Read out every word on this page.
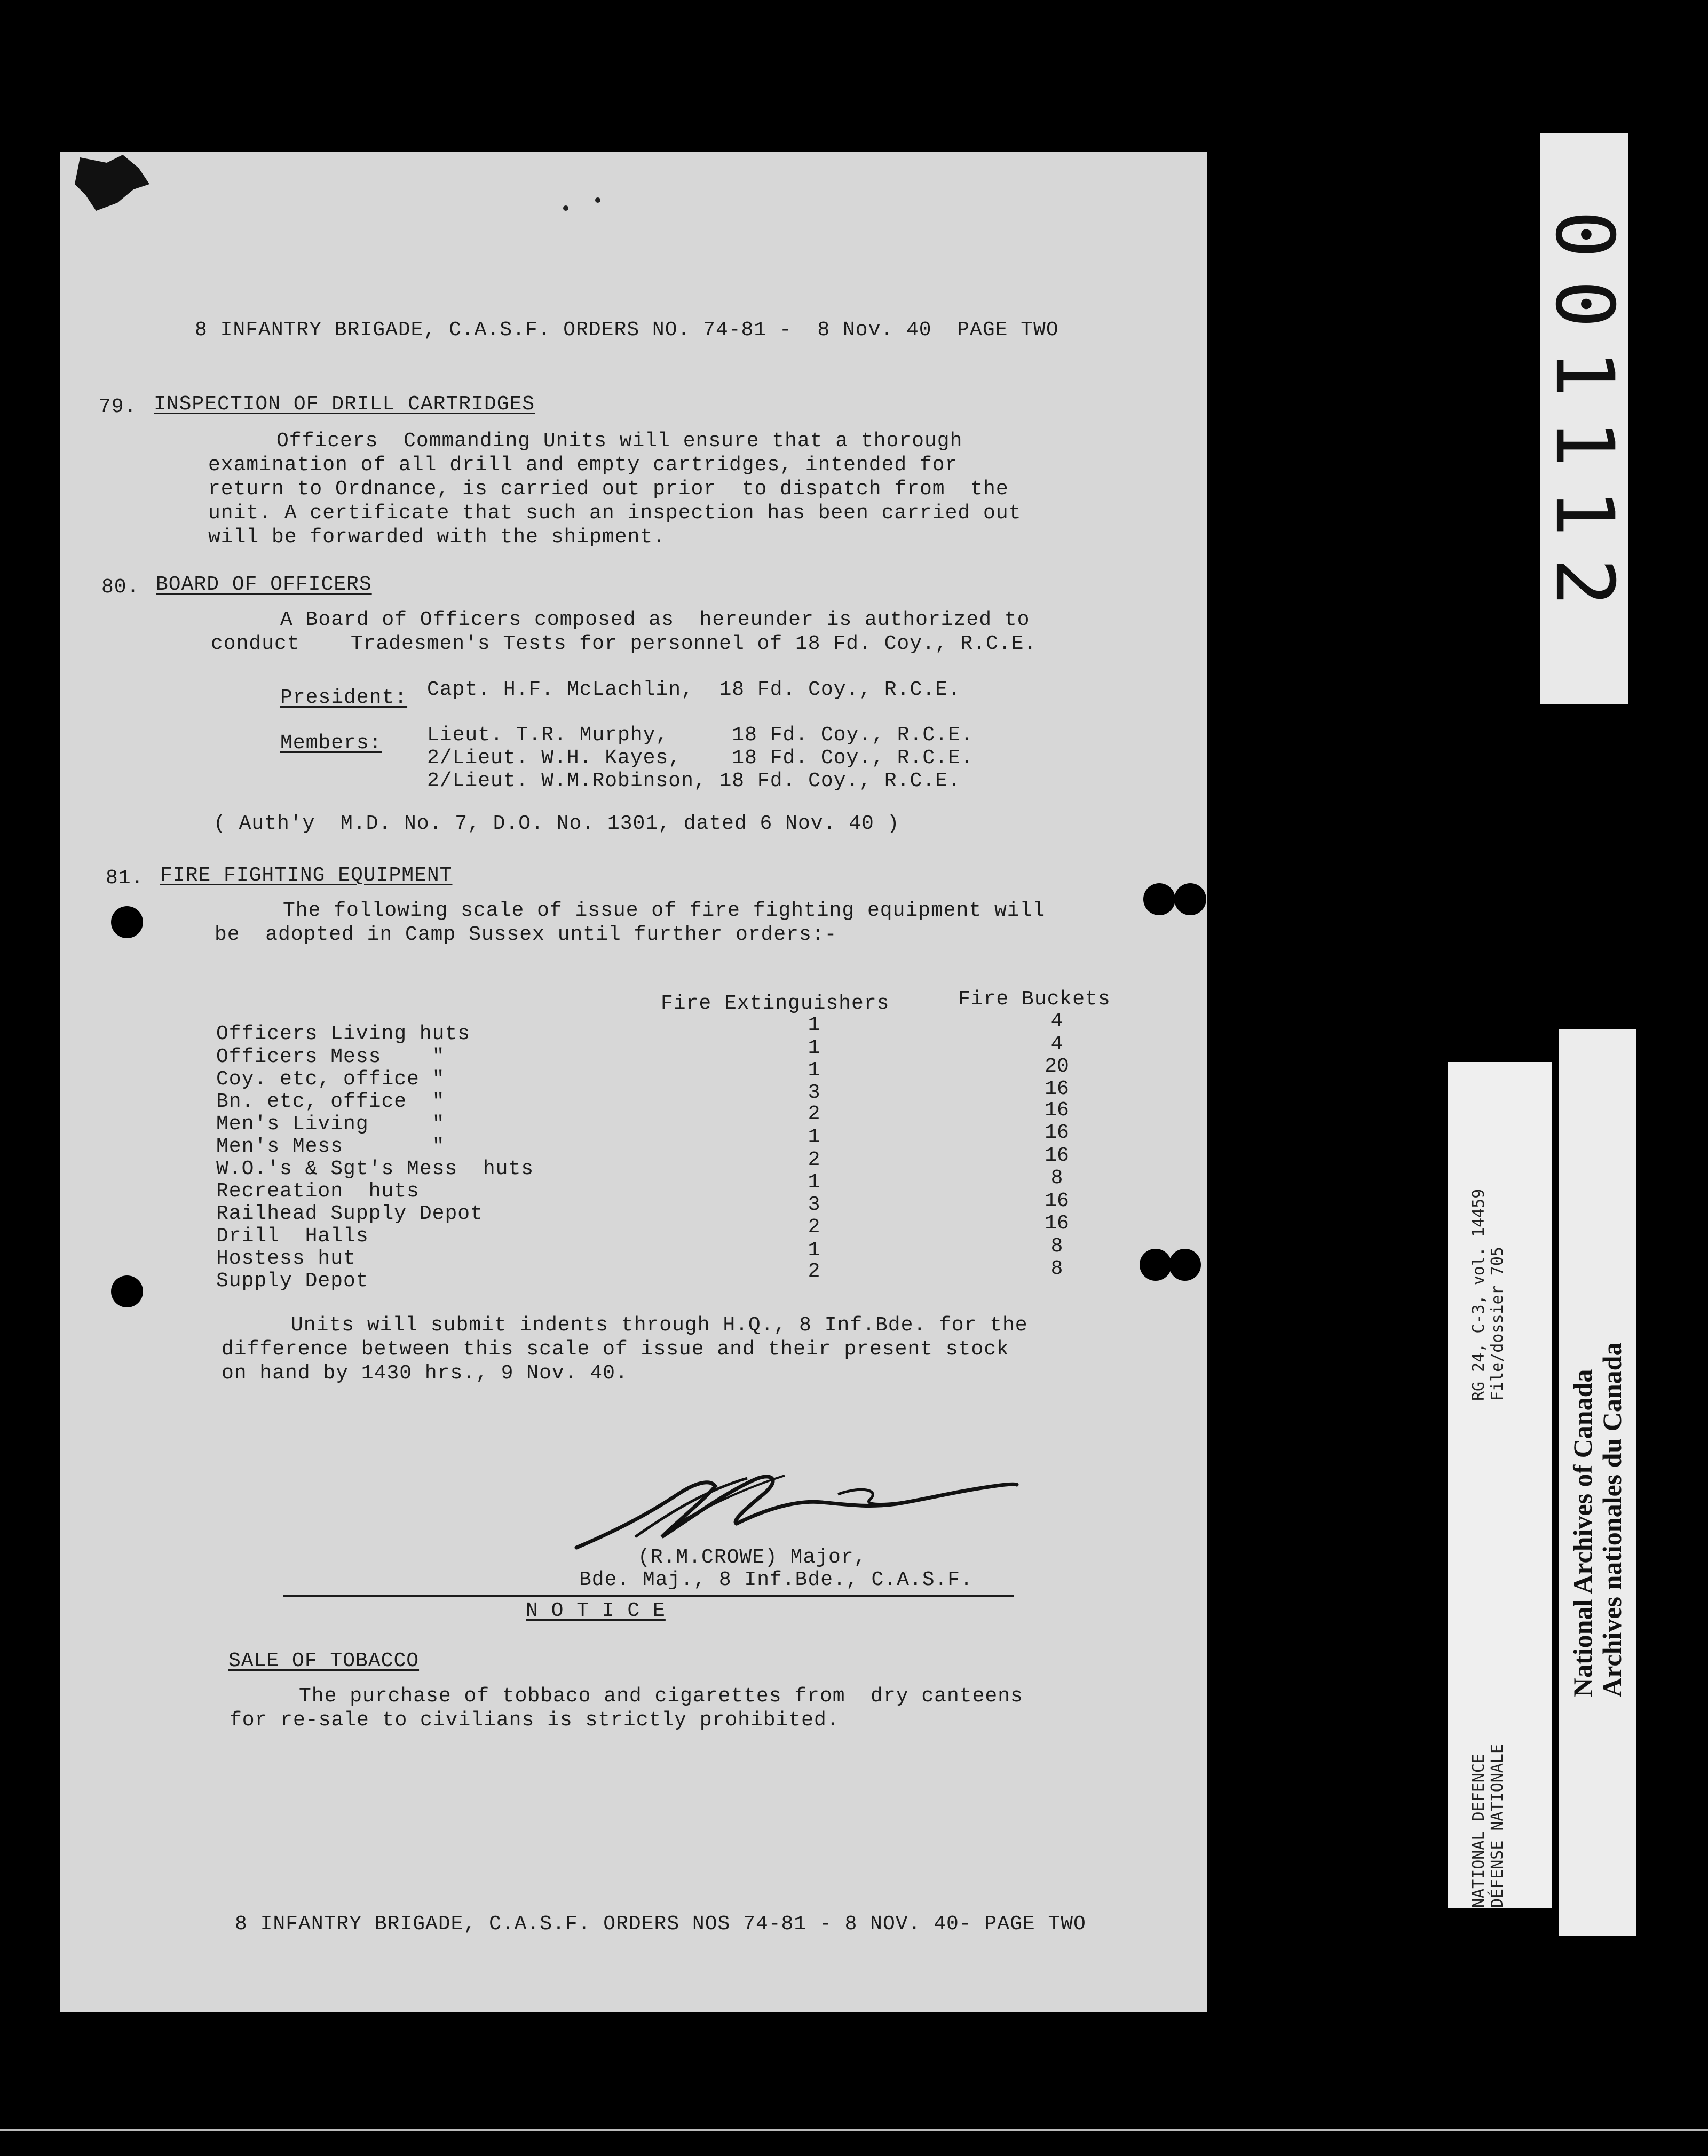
8 INFANTRY BRIGADE, C.A.S.F. ORDERS NO. 74-81 -  8 Nov. 40  PAGE TWO
79. INSPECTION OF DRILL CARTRIDGES
Officers  Commanding Units will ensure that a thorough
examination of all drill and empty cartridges, intended for
return to Ordnance, is carried out prior  to dispatch from  the
unit. A certificate that such an inspection has been carried out
will be forwarded with the shipment.
80. BOARD OF OFFICERS
A Board of Officers composed as  hereunder is authorized to
conduct    Tradesmen's Tests for personnel of 18 Fd. Coy., R.C.E.
President: Capt. H.F. McLachlin,  18 Fd. Coy., R.C.E.
Members: Lieut. T.R. Murphy,     18 Fd. Coy., R.C.E.
2/Lieut. W.H. Kayes,    18 Fd. Coy., R.C.E.
2/Lieut. W.M.Robinson, 18 Fd. Coy., R.C.E.
( Auth'y  M.D. No. 7, D.O. No. 1301, dated 6 Nov. 40 )
81. FIRE FIGHTING EQUIPMENT
The following scale of issue of fire fighting equipment will
be  adopted in Camp Sussex until further orders:-
Fire Extinguishers	Fire Buckets
Officers Living huts	1	4
Officers Mess    "	1	4
Coy. etc, office "	1	20
Bn. etc, office  "	3	16
Men's Living     "	2	16
Men's Mess       "	1	16
W.O.'s & Sgt's Mess  huts	2	16
Recreation  huts	1	8
Railhead Supply Depot	3	16
Drill  Halls	2	16
Hostess hut	1	8
Supply Depot	2	8
Units will submit indents through H.Q., 8 Inf.Bde. for the
difference between this scale of issue and their present stock
on hand by 1430 hrs., 9 Nov. 40.
(R.M.CROWE) Major,
Bde. Maj., 8 Inf.Bde., C.A.S.F.
N O T I C E
SALE OF TOBACCO
The purchase of tobbaco and cigarettes from  dry canteens
for re-sale to civilians is strictly prohibited.
8 INFANTRY BRIGADE, C.A.S.F. ORDERS NOS 74-81 - 8 NOV. 40- PAGE TWO
001112
RG 24, C-3, vol. 14459 File/dossier 705
NATIONAL DEFENCE DÉFENSE NATIONALE
National Archives of Canada Archives nationales du Canada
